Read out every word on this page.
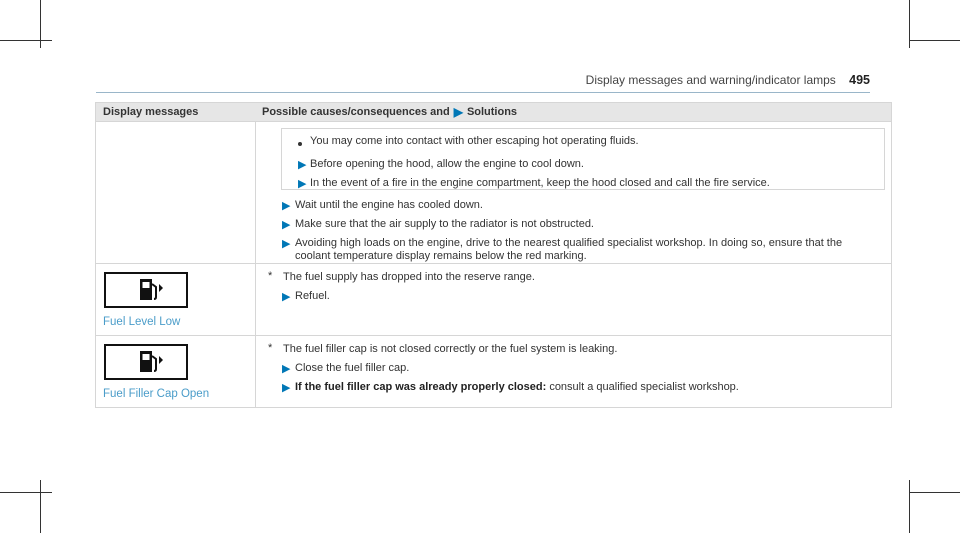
Display messages and warning/indicator lamps 495
Display messages	Possible causes/consequences and ▶ Solutions
You may come into contact with other escaping hot operating fluids.
▶ Before opening the hood, allow the engine to cool down.
▶ In the event of a fire in the engine compartment, keep the hood closed and call the fire service.
▶ Wait until the engine has cooled down.
▶ Make sure that the air supply to the radiator is not obstructed.
▶ Avoiding high loads on the engine, drive to the nearest qualified specialist workshop. In doing so, ensure that the
coolant temperature display remains below the red marking.
Fuel Level Low
* The fuel supply has dropped into the reserve range.
▶ Refuel.
Fuel Filler Cap Open
* The fuel filler cap is not closed correctly or the fuel system is leaking.
▶ Close the fuel filler cap.
▶ If the fuel filler cap was already properly closed: consult a qualified specialist workshop.
